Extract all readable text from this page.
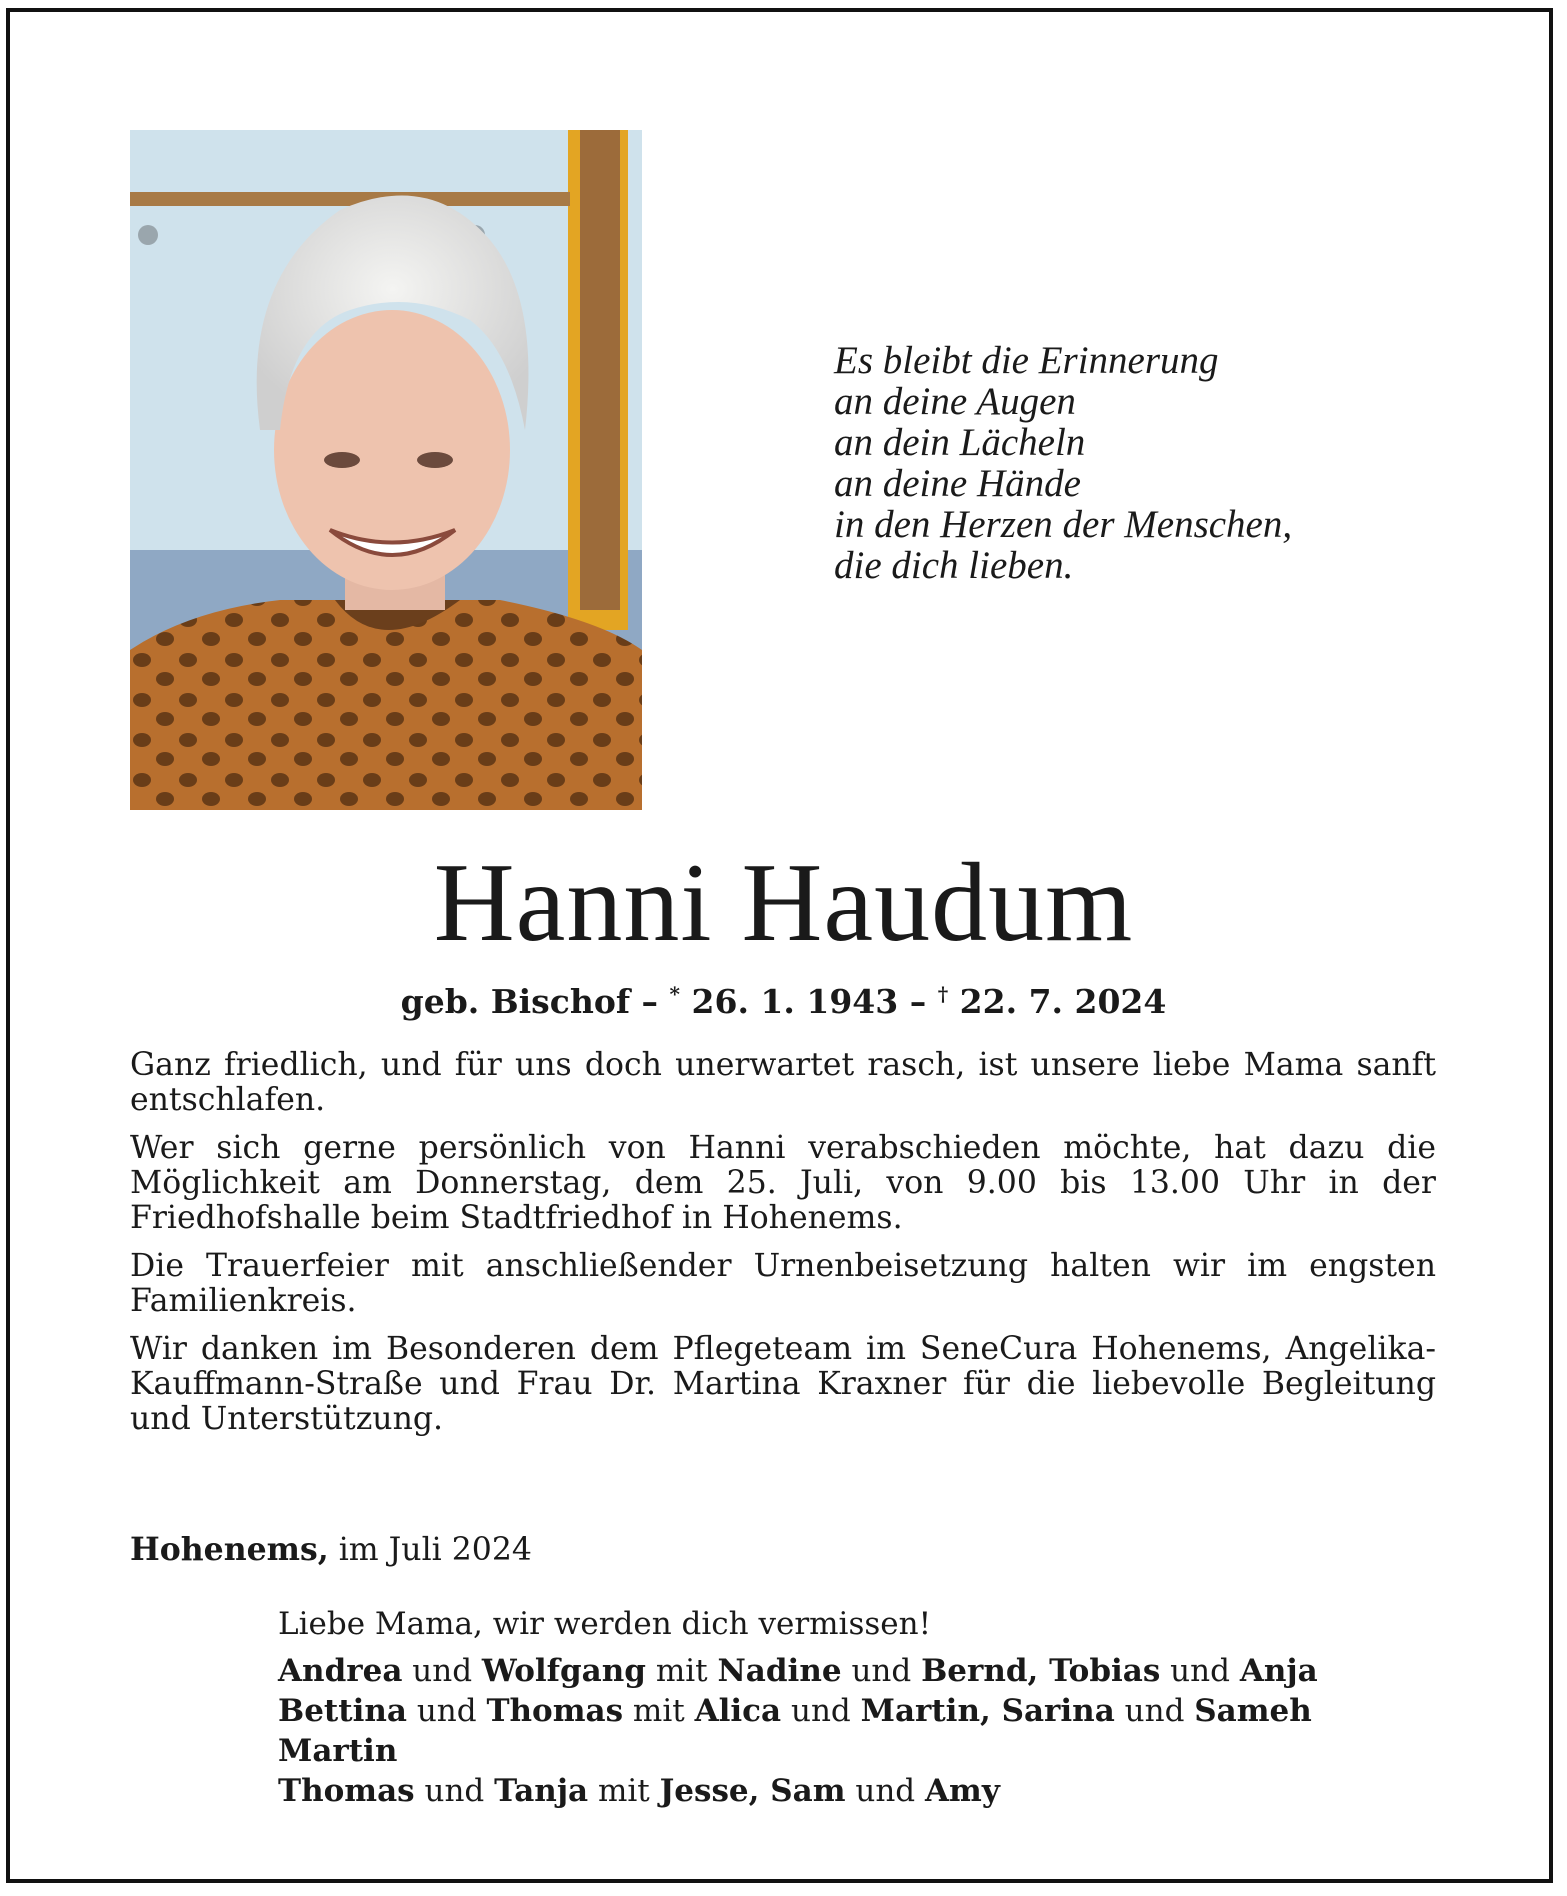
Es bleibt die Erinnerung
an deine Augen
an dein Lächeln
an deine Hände
in den Herzen der Menschen,
die dich lieben.
Hanni Haudum
geb. Bischof – * 26. 1. 1943 – † 22. 7. 2024

Ganz friedlich, und für uns doch unerwartet rasch, ist unsere liebe Mama sanft entschlafen.

Wer sich gerne persönlich von Hanni verabschieden möchte, hat dazu die Möglichkeit am Donnerstag, dem 25. Juli, von 9.00 bis 13.00 Uhr in der Friedhofshalle beim Stadtfriedhof in Hohenems.

Die Trauerfeier mit anschließender Urnenbeisetzung halten wir im engsten Familienkreis.

Wir danken im Besonderen dem Pflegeteam im SeneCura Hohenems, Angelika-Kauffmann-Straße und Frau Dr. Martina Kraxner für die liebevolle Begleitung und Unterstützung.

Hohenems, im Juli 2024
Liebe Mama, wir werden dich vermissen!
Andrea und Wolfgang mit Nadine und Bernd, Tobias und Anja
Bettina und Thomas mit Alica und Martin, Sarina und Sameh
Martin
Thomas und Tanja mit Jesse, Sam und Amy
